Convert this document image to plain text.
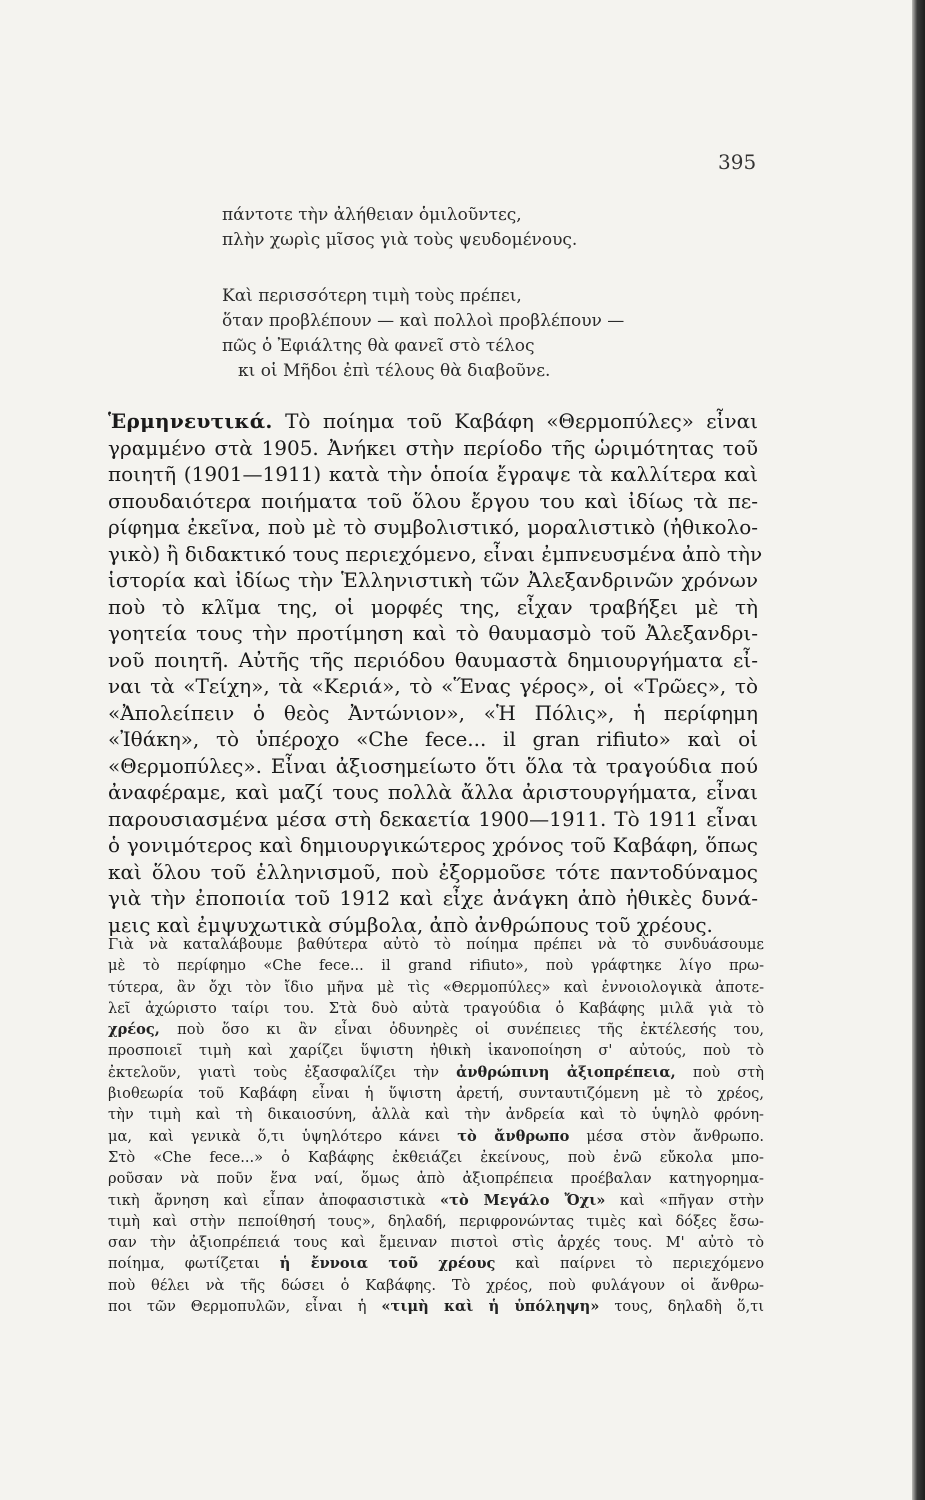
395
πάντοτε τὴν ἀλήθειαν ὁμιλοῦντες,
πλὴν χωρὶς μῖσος γιὰ τοὺς ψευδομένους.
Καὶ περισσότερη τιμὴ τοὺς πρέπει,
ὅταν προβλέπουν — καὶ πολλοὶ προβλέπουν —
πῶς ὁ Ἐφιάλτης θὰ φανεῖ στὸ τέλος
κι οἱ Μῆδοι ἐπὶ τέλους θὰ διαβοῦνε.
Ἑρμηνευτικά. Τὸ ποίημα τοῦ Καβάφη «Θερμοπύλες» εἶναι
γραμμένο στὰ 1905. Ἀνήκει στὴν περίοδο τῆς ὡριμότητας τοῦ
ποιητῆ (1901—1911) κατὰ τὴν ὁποία ἔγραψε τὰ καλλίτερα καὶ
σπουδαιότερα ποιήματα τοῦ ὅλου ἔργου του καὶ ἰδίως τὰ πε-
ρίφημα ἐκεῖνα, ποὺ μὲ τὸ συμβολιστικό, μοραλιστικὸ (ἠθικολο-
γικὸ) ἢ διδακτικό τους περιεχόμενο, εἶναι ἐμπνευσμένα ἀπὸ τὴν
ἱστορία καὶ ἰδίως τὴν Ἑλληνιστικὴ τῶν Ἀλεξανδρινῶν χρόνων
ποὺ τὸ κλῖμα της, οἱ μορφές της, εἶχαν τραβήξει μὲ τὴ
γοητεία τους τὴν προτίμηση καὶ τὸ θαυμασμὸ τοῦ Ἀλεξανδρι-
νοῦ ποιητῆ. Αὐτῆς τῆς περιόδου θαυμαστὰ δημιουργήματα εἶ-
ναι τὰ «Τείχη», τὰ «Κεριά», τὸ «Ἕνας γέρος», οἱ «Τρῶες», τὸ
«Ἀπολείπειν ὁ θεὸς Ἀντώνιον», «Ἡ Πόλις», ἡ περίφημη
«Ἰθάκη», τὸ ὑπέροχο «Che fece... il gran rifiuto» καὶ οἱ
«Θερμοπύλες». Εἶναι ἀξιοσημείωτο ὅτι ὅλα τὰ τραγούδια πού
ἀναφέραμε, καὶ μαζί τους πολλὰ ἄλλα ἀριστουργήματα, εἶναι
παρουσιασμένα μέσα στὴ δεκαετία 1900—1911. Τὸ 1911 εἶναι
ὁ γονιμότερος καὶ δημιουργικώτερος χρόνος τοῦ Καβάφη, ὅπως
καὶ ὅλου τοῦ ἑλληνισμοῦ, ποὺ ἐξορμοῦσε τότε παντοδύναμος
γιὰ τὴν ἐποποιία τοῦ 1912 καὶ εἶχε ἀνάγκη ἀπὸ ἠθικὲς δυνά-
μεις καὶ ἐμψυχωτικὰ σύμβολα, ἀπὸ ἀνθρώπους τοῦ χρέους.
Γιὰ νὰ καταλάβουμε βαθύτερα αὐτὸ τὸ ποίημα πρέπει νὰ τὸ συνδυάσουμε
μὲ τὸ περίφημο «Che fece... il grand rifiuto», ποὺ γράφτηκε λίγο πρω-
τύτερα, ἂν ὄχι τὸν ἴδιο μῆνα μὲ τὶς «Θερμοπύλες» καὶ ἐννοιολογικὰ ἀποτε-
λεῖ ἀχώριστο ταίρι του. Στὰ δυὸ αὐτὰ τραγούδια ὁ Καβάφης μιλᾶ γιὰ τὸ
χρέος, ποὺ ὅσο κι ἂν εἶναι ὀδυνηρὲς οἱ συνέπειες τῆς ἐκτέλεσής του,
προσποιεῖ τιμὴ καὶ χαρίζει ὕψιστη ἠθικὴ ἱκανοποίηση σ' αὐτούς, ποὺ τὸ
ἐκτελοῦν, γιατὶ τοὺς ἐξασφαλίζει τὴν ἀνθρώπινη ἀξιοπρέπεια, ποὺ στὴ
βιοθεωρία τοῦ Καβάφη εἶναι ἡ ὕψιστη ἀρετή, συνταυτιζόμενη μὲ τὸ χρέος,
τὴν τιμὴ καὶ τὴ δικαιοσύνη, ἀλλὰ καὶ τὴν ἀνδρεία καὶ τὸ ὑψηλὸ φρόνη-
μα, καὶ γενικὰ ὅ,τι ὑψηλότερο κάνει τὸ ἄνθρωπο μέσα στὸν ἄνθρωπο.
Στὸ «Che fece...» ὁ Καβάφης ἐκθειάζει ἐκείνους, ποὺ ἐνῶ εὔκολα μπο-
ροῦσαν νὰ ποῦν ἕνα ναί, ὅμως ἀπὸ ἀξιοπρέπεια προέβαλαν κατηγορημα-
τικὴ ἄρνηση καὶ εἶπαν ἀποφασιστικὰ «τὸ Μεγάλο Ὄχι» καὶ «πῆγαν στὴν
τιμὴ καὶ στὴν πεποίθησή τους», δηλαδή, περιφρονώντας τιμὲς καὶ δόξες ἔσω-
σαν τὴν ἀξιοπρέπειά τους καὶ ἔμειναν πιστοὶ στὶς ἀρχές τους. Μ' αὐτὸ τὸ
ποίημα, φωτίζεται ἡ ἔννοια τοῦ χρέους καὶ παίρνει τὸ περιεχόμενο
ποὺ θέλει νὰ τῆς δώσει ὁ Καβάφης. Τὸ χρέος, ποὺ φυλάγουν οἱ ἄνθρω-
ποι τῶν Θερμοπυλῶν, εἶναι ἡ «τιμὴ καὶ ἡ ὑπόληψη» τους, δηλαδὴ ὅ,τι
